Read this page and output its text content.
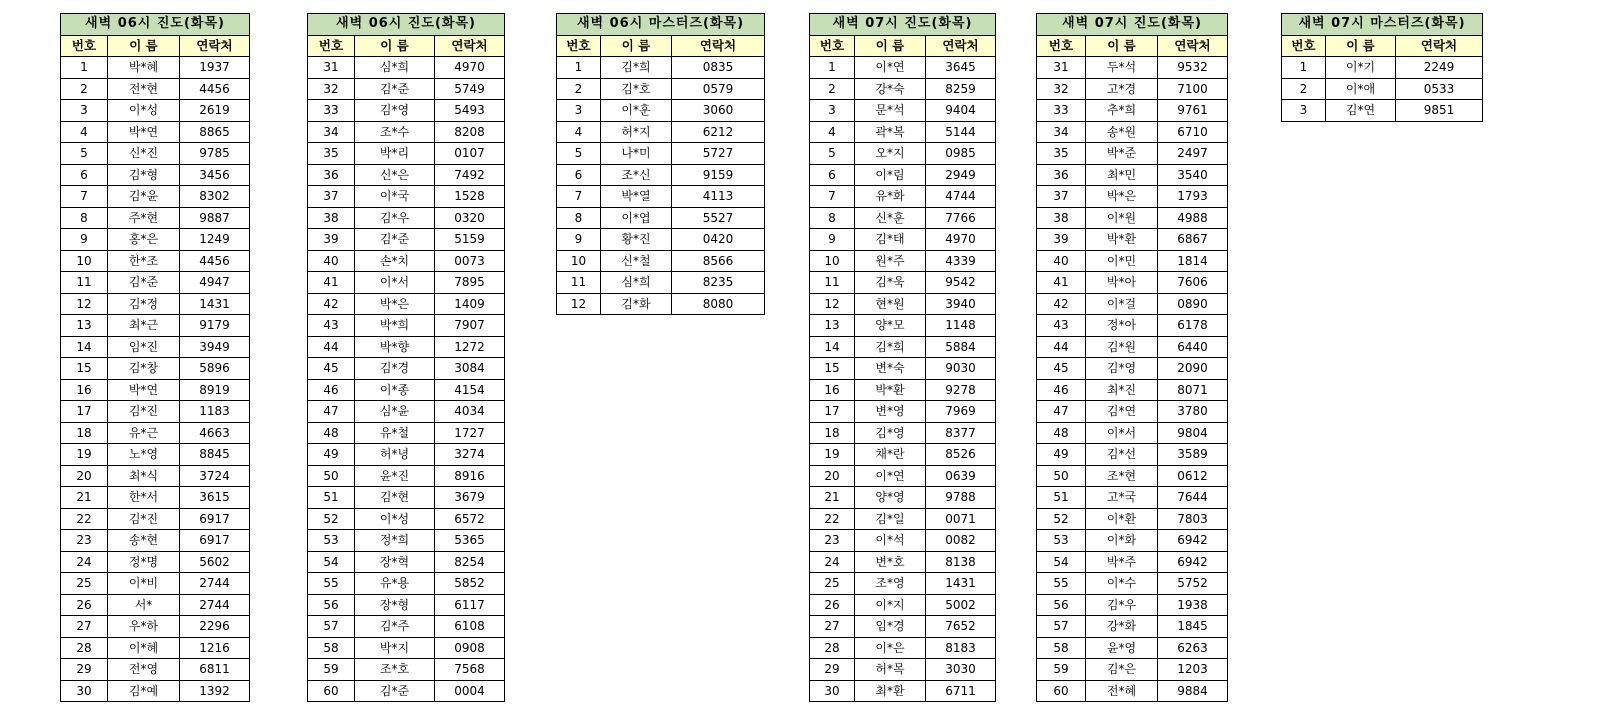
새벽 06시 진도(화목)		
번호	이 름	연락처
1	박*혜	1937
2	전*현	4456
3	이*성	2619
4	박*연	8865
5	신*진	9785
6	김*형	3456
7	김*윤	8302
8	주*현	9887
9	홍*은	1249
10	한*조	4456
11	김*준	4947
12	김*정	1431
13	최*근	9179
14	임*진	3949
15	김*창	5896
16	박*연	8919
17	김*진	1183
18	유*근	4663
19	노*영	8845
20	최*식	3724
21	한*서	3615
22	김*진	6917
23	송*현	6917
24	정*명	5602
25	이*비	2744
26	서*	2744
27	우*하	2296
28	이*혜	1216
29	전*영	6811
30	김*예	1392
새벽 06시 진도(화목)		
번호	이 름	연락처
31	심*희	4970
32	김*준	5749
33	김*영	5493
34	조*수	8208
35	박*리	0107
36	신*은	7492
37	이*국	1528
38	김*우	0320
39	김*준	5159
40	손*치	0073
41	이*서	7895
42	박*은	1409
43	박*희	7907
44	박*향	1272
45	김*경	3084
46	이*종	4154
47	심*윤	4034
48	유*철	1727
49	허*녕	3274
50	윤*진	8916
51	김*현	3679
52	이*성	6572
53	정*희	5365
54	장*혁	8254
55	유*용	5852
56	장*형	6117
57	김*주	6108
58	박*지	0908
59	조*호	7568
60	김*준	0004
새벽 06시 마스터즈(화목)		
번호	이 름	연락처
1	김*희	0835
2	김*호	0579
3	이*훈	3060
4	허*지	6212
5	나*미	5727
6	조*신	9159
7	박*열	4113
8	이*엽	5527
9	황*진	0420
10	신*철	8566
11	심*희	8235
12	김*화	8080
새벽 07시 진도(화목)		
번호	이 름	연락처
1	이*연	3645
2	강*숙	8259
3	문*석	9404
4	곽*복	5144
5	오*지	0985
6	이*림	2949
7	유*화	4744
8	신*훈	7766
9	김*태	4970
10	원*주	4339
11	김*욱	9542
12	현*원	3940
13	양*모	1148
14	김*희	5884
15	변*숙	9030
16	박*환	9278
17	변*영	7969
18	김*영	8377
19	채*란	8526
20	이*연	0639
21	양*영	9788
22	김*일	0071
23	이*석	0082
24	변*호	8138
25	조*영	1431
26	이*지	5002
27	임*경	7652
28	이*은	8183
29	허*목	3030
30	최*환	6711
새벽 07시 진도(화목)		
번호	이 름	연락처
31	두*석	9532
32	고*경	7100
33	추*희	9761
34	송*원	6710
35	박*준	2497
36	최*민	3540
37	박*은	1793
38	이*원	4988
39	박*환	6867
40	이*민	1814
41	박*아	7606
42	이*걸	0890
43	정*아	6178
44	김*원	6440
45	김*영	2090
46	최*진	8071
47	김*연	3780
48	이*서	9804
49	김*선	3589
50	조*현	0612
51	고*국	7644
52	이*환	7803
53	이*화	6942
54	박*주	6942
55	이*수	5752
56	김*우	1938
57	강*화	1845
58	윤*영	6263
59	김*은	1203
60	전*혜	9884
새벽 07시 마스터즈(화목)		
번호	이 름	연락처
1	이*기	2249
2	이*애	0533
3	김*연	9851
